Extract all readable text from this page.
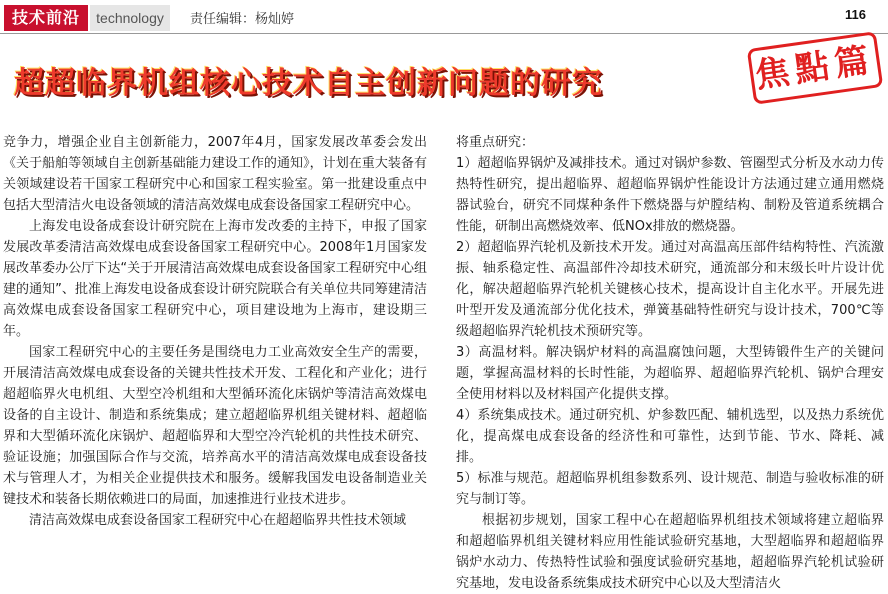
技术前沿	technology	责任编辑：杨灿婷	116
超超临界机组核心技术自主创新问题的研究	焦點篇

竞争力，增强企业自主创新能力，2007年4月，国家发展改革委会发出《关于船舶等领域自主创新基础能力建设工作的通知》，计划在重大装备有关领域建设若干国家工程研究中心和国家工程实验室。第一批建设重点中包括大型清洁火电设备领域的清洁高效煤电成套设备国家工程研究中心。

上海发电设备成套设计研究院在上海市发改委的主持下，申报了国家发展改革委清洁高效煤电成套设备国家工程研究中心。2008年1月国家发展改革委办公厅下达“关于开展清洁高效煤电成套设备国家工程研究中心组建的通知”、批准上海发电设备成套设计研究院联合有关单位共同筹建清洁高效煤电成套设备国家工程研究中心，项目建设地为上海市，建设期三年。

国家工程研究中心的主要任务是围绕电力工业高效安全生产的需要，开展清洁高效煤电成套设备的关键共性技术开发、工程化和产业化；进行超超临界火电机组、大型空冷机组和大型循环流化床锅炉等清洁高效煤电设备的自主设计、制造和系统集成；建立超超临界机组关键材料、超超临界和大型循环流化床锅炉、超超临界和大型空冷汽轮机的共性技术研究、验证设施；加强国际合作与交流，培养高水平的清洁高效煤电成套设备技术与管理人才，为相关企业提供技术和服务。缓解我国发电设备制造业关键技术和装备长期依赖进口的局面，加速推进行业技术进步。

清洁高效煤电成套设备国家工程研究中心在超超临界共性技术领域

将重点研究：

1）超超临界锅炉及减排技术。通过对锅炉参数、管圈型式分析及水动力传热特性研究，提出超临界、超超临界锅炉性能设计方法通过建立通用燃烧器试验台，研究不同煤种条件下燃烧器与炉膛结构、制粉及管道系统耦合性能，研制出高燃烧效率、低NOx排放的燃烧器。

2）超超临界汽轮机及新技术开发。通过对高温高压部件结构特性、汽流激振、轴系稳定性、高温部件冷却技术研究，通流部分和末级长叶片设计优化，解决超超临界汽轮机关键核心技术，提高设计自主化水平。开展先进叶型开发及通流部分优化技术，弹簧基础特性研究与设计技术，700℃等级超超临界汽轮机技术预研究等。

3）高温材料。解决锅炉材料的高温腐蚀问题，大型铸锻件生产的关键问题，掌握高温材料的长时性能，为超临界、超超临界汽轮机、锅炉合理安全使用材料以及材料国产化提供支撑。

4）系统集成技术。通过研究机、炉参数匹配、辅机选型，以及热力系统优化，提高煤电成套设备的经济性和可靠性，达到节能、节水、降耗、减排。

5）标准与规范。超超临界机组参数系列、设计规范、制造与验收标准的研究与制订等。

根据初步规划，国家工程中心在超超临界机组技术领域将建立超临界和超超临界机组关键材料应用性能试验研究基地，大型超临界和超超临界锅炉水动力、传热特性试验和强度试验研究基地，超超临界汽轮机试验研究基地，发电设备系统集成技术研究中心以及大型清洁火
